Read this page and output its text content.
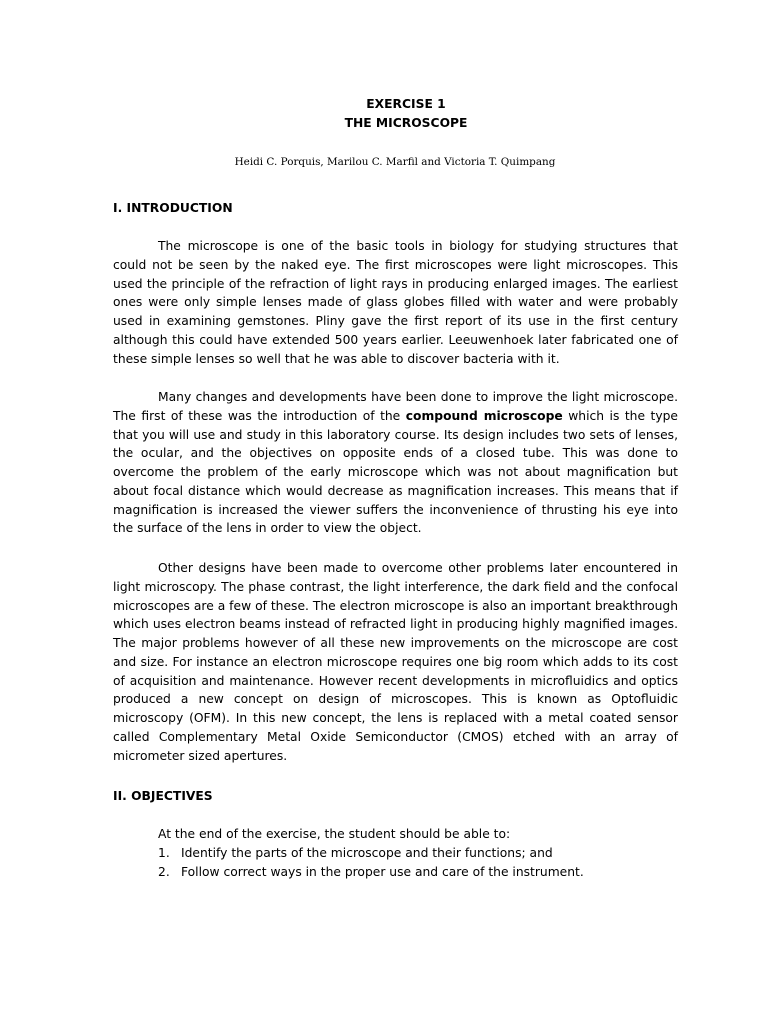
EXERCISE 1
THE MICROSCOPE
Heidi C. Porquis, Marilou C. Marfil and Victoria T. Quimpang
I. INTRODUCTION

The microscope is one of the basic tools in biology for studying structures that could not be seen by the naked eye. The first microscopes were light microscopes. This used the principle of the refraction of light rays in producing enlarged images. The earliest ones were only simple lenses made of glass globes filled with water and were probably used in examining gemstones. Pliny gave the first report of its use in the first century although this could have extended 500 years earlier. Leeuwenhoek later fabricated one of these simple lenses so well that he was able to discover bacteria with it.

Many changes and developments have been done to improve the light microscope. The first of these was the introduction of the compound microscope which is the type that you will use and study in this laboratory course. Its design includes two sets of lenses, the ocular, and the objectives on opposite ends of a closed tube. This was done to overcome the problem of the early microscope which was not about magnification but about focal distance which would decrease as magnification increases. This means that if magnification is increased the viewer suffers the inconvenience of thrusting his eye into the surface of the lens in order to view the object.

Other designs have been made to overcome other problems later encountered in light microscopy. The phase contrast, the light interference, the dark field and the confocal microscopes are a few of these. The electron microscope is also an important breakthrough which uses electron beams instead of refracted light in producing highly magnified images. The major problems however of all these new improvements on the microscope are cost and size. For instance an electron microscope requires one big room which adds to its cost of acquisition and maintenance. However recent developments in microfluidics and optics produced a new concept on design of microscopes. This is known as Optofluidic microscopy (OFM). In this new concept, the lens is replaced with a metal coated sensor called Complementary Metal Oxide Semiconductor (CMOS) etched with an array of micrometer sized apertures.

II. OBJECTIVES
At the end of the exercise, the student should be able to:
1. Identify the parts of the microscope and their functions; and
2. Follow correct ways in the proper use and care of the instrument.
